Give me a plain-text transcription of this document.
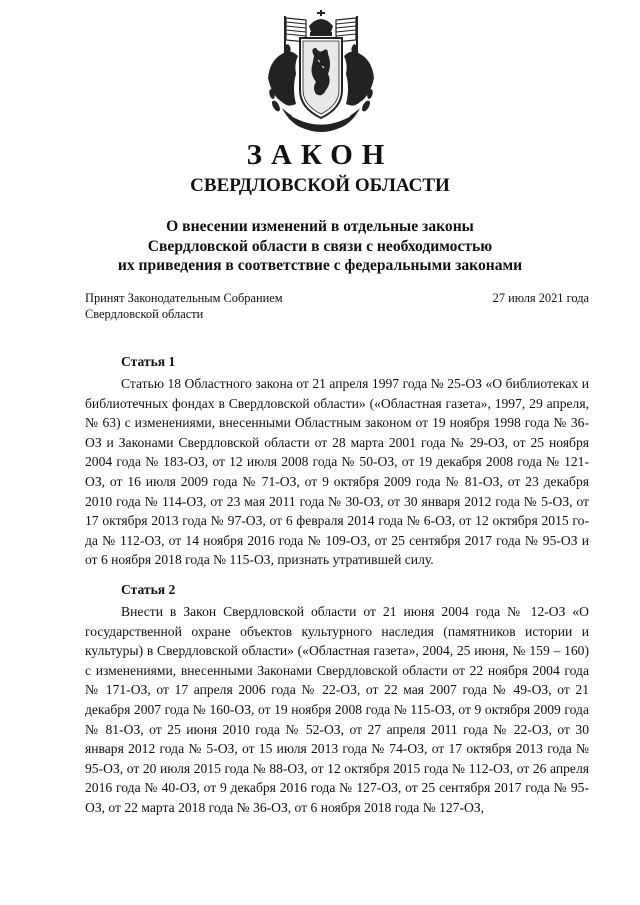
ЗАКОН
СВЕРДЛОВСКОЙ ОБЛАСТИ
О внесении изменений в отдельные законы
Свердловской области в связи с необходимостью
их приведения в соответствие с федеральными законами
Принят Законодательным Собранием
Свердловской области
27 июля 2021 года
Статья 1

Статью 18 Областного закона от 21 апреля 1997 года № 25-ОЗ «О библиотеках и библиотечных фондах в Свердловской области» («Областная газета», 1997, 29 апреля, № 63) с изменениями, внесенными Областным законом от 19 ноября 1998 года № 36-ОЗ и Законами Свердловской области от 28 марта 2001 года № 29-ОЗ, от 25 ноября 2004 года № 183-ОЗ, от 12 июля 2008 года № 50-ОЗ, от 19 декабря 2008 года № 121-ОЗ, от 16 июля 2009 года № 71-ОЗ, от 9 октября 2009 года № 81-ОЗ, от 23 декабря 2010 года № 114-ОЗ, от 23 мая 2011 года № 30-ОЗ, от 30 января 2012 года № 5-ОЗ, от 17 октября 2013 года № 97-ОЗ, от 6 февраля 2014 года № 6-ОЗ, от 12 октября 2015 года № 112-ОЗ, от 14 ноября 2016 года № 109-ОЗ, от 25 сентября 2017 года № 95-ОЗ и от 6 ноября 2018 года № 115-ОЗ, признать утратившей силу.

Статья 2

Внести в Закон Свердловской области от 21 июня 2004 года № 12-ОЗ «О государственной охране объектов культурного наследия (памятников истории и культуры) в Свердловской области» («Областная газета», 2004, 25 июня, № 159 – 160) с изменениями, внесенными Законами Свердловской области от 22 ноября 2004 года № 171-ОЗ, от 17 апреля 2006 года № 22-ОЗ, от 22 мая 2007 года № 49-ОЗ, от 21 декабря 2007 года № 160-ОЗ, от 19 ноября 2008 года № 115-ОЗ, от 9 октября 2009 года № 81-ОЗ, от 25 июня 2010 года № 52-ОЗ, от 27 апреля 2011 года № 22-ОЗ, от 30 января 2012 года № 5-ОЗ, от 15 июля 2013 года № 74-ОЗ, от 17 октября 2013 года № 95-ОЗ, от 20 июля 2015 года № 88-ОЗ, от 12 октября 2015 года № 112-ОЗ, от 26 апреля 2016 года № 40-ОЗ, от 9 декабря 2016 года № 127-ОЗ, от 25 сентября 2017 года № 95-ОЗ, от 22 марта 2018 года № 36-ОЗ, от 6 ноября 2018 года № 127-ОЗ,
